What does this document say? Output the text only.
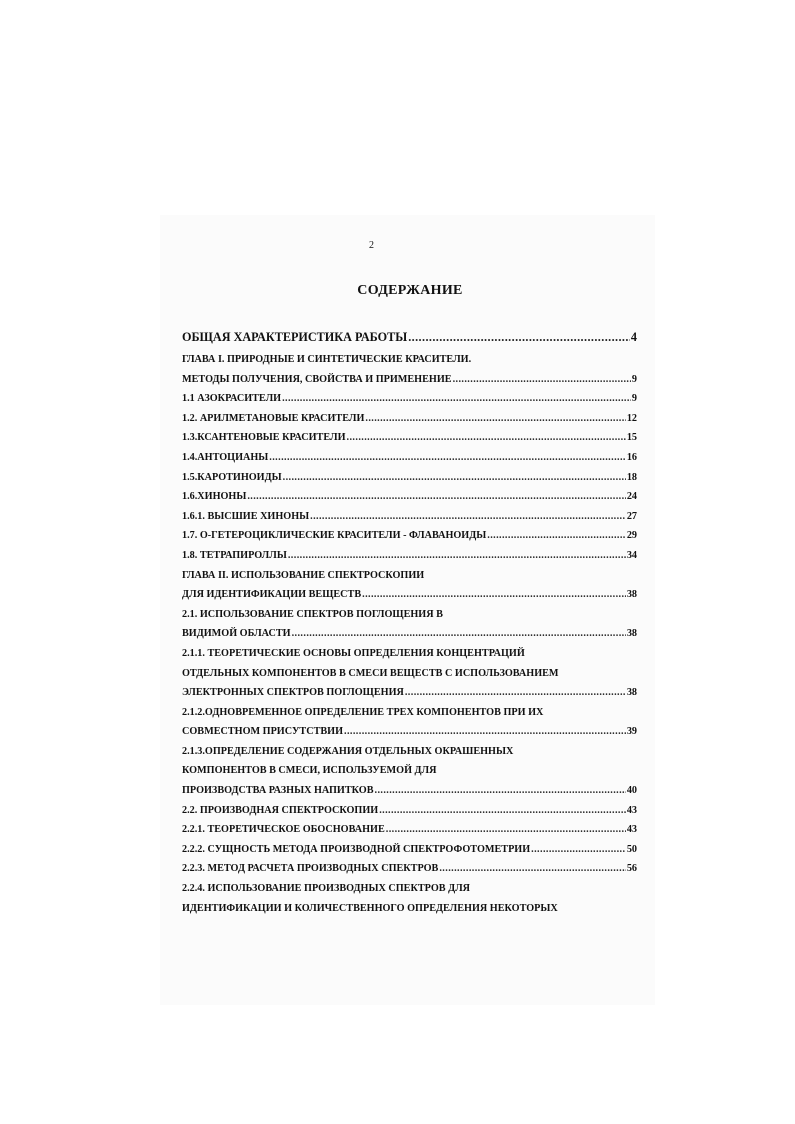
2
СОДЕРЖАНИЕ
ОБЩАЯ ХАРАКТЕРИСТИКА РАБОТЫ .....	4
ГЛАВА I. ПРИРОДНЫЕ И СИНТЕТИЧЕСКИЕ КРАСИТЕЛИ.
МЕТОДЫ ПОЛУЧЕНИЯ, СВОЙСТВА И ПРИМЕНЕНИЕ .....	9
1.1 АЗОКРАСИТЕЛИ .....	9
1.2. АРИЛМЕТАНОВЫЕ КРАСИТЕЛИ .....	12
1.3.КСАНТЕНОВЫЕ КРАСИТЕЛИ .....	15
1.4.АНТОЦИАНЫ .....	16
1.5.КАРОТИНОИДЫ .....	18
1.6.ХИНОНЫ .....	24
1.6.1. ВЫСШИЕ ХИНОНЫ .....	27
1.7. О-ГЕТЕРОЦИКЛИЧЕСКИЕ КРАСИТЕЛИ - ФЛАВАНОИДЫ .....	29
1.8. ТЕТРАПИРОЛЛЫ .....	34
ГЛАВА II. ИСПОЛЬЗОВАНИЕ СПЕКТРОСКОПИИ
ДЛЯ ИДЕНТИФИКАЦИИ ВЕЩЕСТВ .....	38
2.1. ИСПОЛЬЗОВАНИЕ СПЕКТРОВ ПОГЛОЩЕНИЯ В
ВИДИМОЙ ОБЛАСТИ .....	38
2.1.1. ТЕОРЕТИЧЕСКИЕ ОСНОВЫ ОПРЕДЕЛЕНИЯ КОНЦЕНТРАЦИЙ
ОТДЕЛЬНЫХ КОМПОНЕНТОВ В СМЕСИ ВЕЩЕСТВ С ИСПОЛЬЗОВАНИЕМ
ЭЛЕКТРОННЫХ СПЕКТРОВ ПОГЛОЩЕНИЯ .....	38
2.1.2.ОДНОВРЕМЕННОЕ ОПРЕДЕЛЕНИЕ ТРЕХ КОМПОНЕНТОВ ПРИ ИХ
СОВМЕСТНОМ ПРИСУТСТВИИ .....	39
2.1.3.ОПРЕДЕЛЕНИЕ СОДЕРЖАНИЯ ОТДЕЛЬНЫХ ОКРАШЕННЫХ
КОМПОНЕНТОВ В СМЕСИ, ИСПОЛЬЗУЕМОЙ ДЛЯ
ПРОИЗВОДСТВА РАЗНЫХ НАПИТКОВ .....	40
2.2. ПРОИЗВОДНАЯ СПЕКТРОСКОПИИ .....	43
2.2.1. ТЕОРЕТИЧЕСКОЕ ОБОСНОВАНИЕ .....	43
2.2.2. СУЩНОСТЬ МЕТОДА ПРОИЗВОДНОЙ СПЕКТРОФОТОМЕТРИИ .....	50
2.2.3. МЕТОД РАСЧЕТА ПРОИЗВОДНЫХ СПЕКТРОВ .....	56
2.2.4. ИСПОЛЬЗОВАНИЕ ПРОИЗВОДНЫХ СПЕКТРОВ ДЛЯ
ИДЕНТИФИКАЦИИ И КОЛИЧЕСТВЕННОГО ОПРЕДЕЛЕНИЯ НЕКОТОРЫХ
